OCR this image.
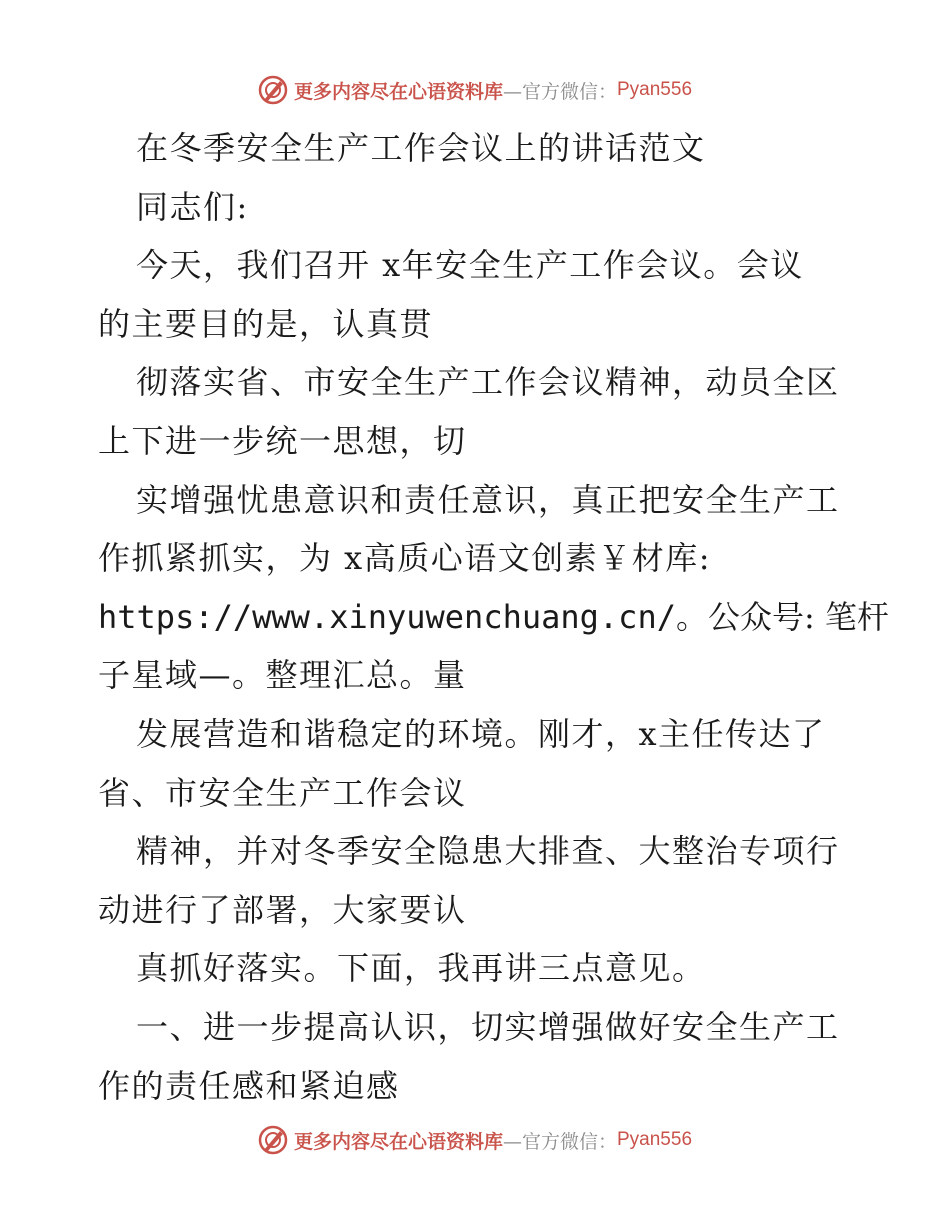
更多内容尽在心语资料库 —官方微信： Pyan556
在冬季安全生产工作会议上的讲话范文
同志们:
今天，我们召开 x年安全生产工作会议。会议
的主要目的是，认真贯
彻落实省、市安全生产工作会议精神，动员全区
上下进一步统一思想，切
实增强忧患意识和责任意识，真正把安全生产工
作抓紧抓实，为 x高质心语文创素￥材库:
https://www.xinyuwenchuang.cn/。公众号: 笔杆
子星域—。整理汇总。量
发展营造和谐稳定的环境。刚才，x主任传达了
省、市安全生产工作会议
精神，并对冬季安全隐患大排查、大整治专项行
动进行了部署，大家要认
真抓好落实。下面，我再讲三点意见。
一、进一步提高认识，切实增强做好安全生产工
作的责任感和紧迫感
更多内容尽在心语资料库 —官方微信： Pyan556
